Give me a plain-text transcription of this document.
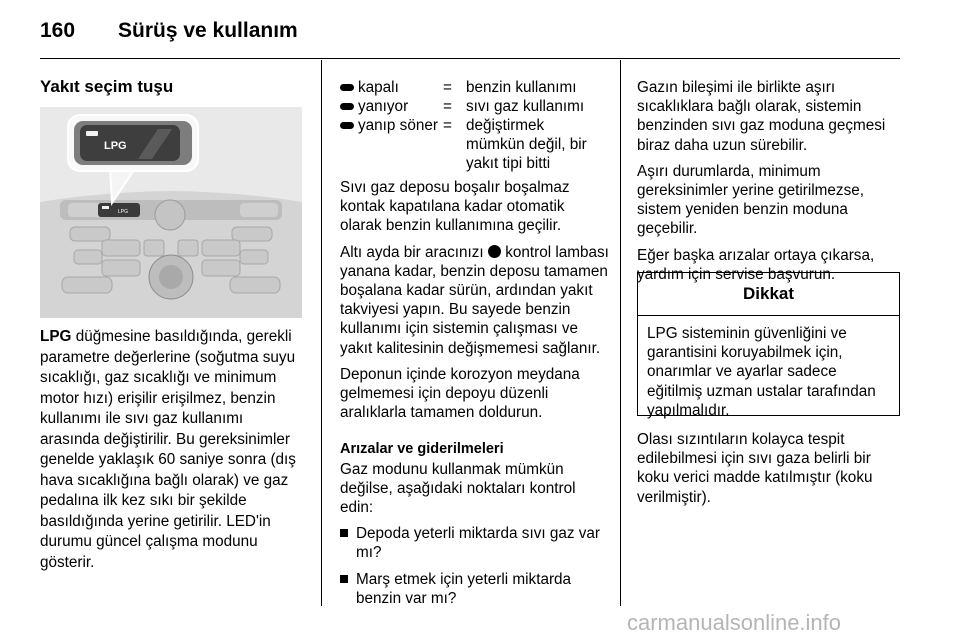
160 Sürüş ve kullanım
Yakıt seçim tuşu
LPG
LPG

LPG düğmesine basıldığında, gerekli parametre değerlerine (soğutma suyu sıcaklığı, gaz sıcaklığı ve minimum motor hızı) erişilir erişilmez, benzin kullanımı ile sıvı gaz kullanımı arasında değiştirilir. Bu gereksinimler genelde yaklaşık 60 saniye sonra (dış hava sıcaklığına bağlı olarak) ve gaz pedalına ilk kez sıkı bir şekilde basıldığında yerine getirilir. LED'in durumu güncel çalışma modunu gösterir.

kapalı	= benzin kullanımı
yanıyor = sıvı gaz kullanımı
yanıp söner = değiştirmek mümkün değil, bir yakıt tipi bitti

Sıvı gaz deposu boşalır boşalmaz kontak kapatılana kadar otomatik olarak benzin kullanımına geçilir.

Altı ayda bir aracınızı kontrol lambası yanana kadar, benzin deposu tamamen boşalana kadar sürün, ardından yakıt takviyesi yapın. Bu sayede benzin kullanımı için sistemin çalışması ve yakıt kalitesinin değişmemesi sağlanır.

Deponun içinde korozyon meydana gelmemesi için depoyu düzenli aralıklarla tamamen doldurun.

Arızalar ve giderilmeleri

Gaz modunu kullanmak mümkün değilse, aşağıdaki noktaları kontrol edin:

Depoda yeterli miktarda sıvı gaz var mı?

Marş etmek için yeterli miktarda benzin var mı?

Gazın bileşimi ile birlikte aşırı sıcaklıklara bağlı olarak, sistemin benzinden sıvı gaz moduna geçmesi biraz daha uzun sürebilir.

Aşırı durumlarda, minimum gereksinimler yerine getirilmezse, sistem yeniden benzin moduna geçebilir.

Eğer başka arızalar ortaya çıkarsa, yardım için servise başvurun.

Dikkat
LPG sisteminin güvenliğini ve garantisini koruyabilmek için, onarımlar ve ayarlar sadece eğitilmiş uzman ustalar tarafından yapılmalıdır.
Olası sızıntıların kolayca tespit edilebilmesi için sıvı gaza belirli bir koku verici madde katılmıştır (koku verilmiştir).
carmanualsonline.info
